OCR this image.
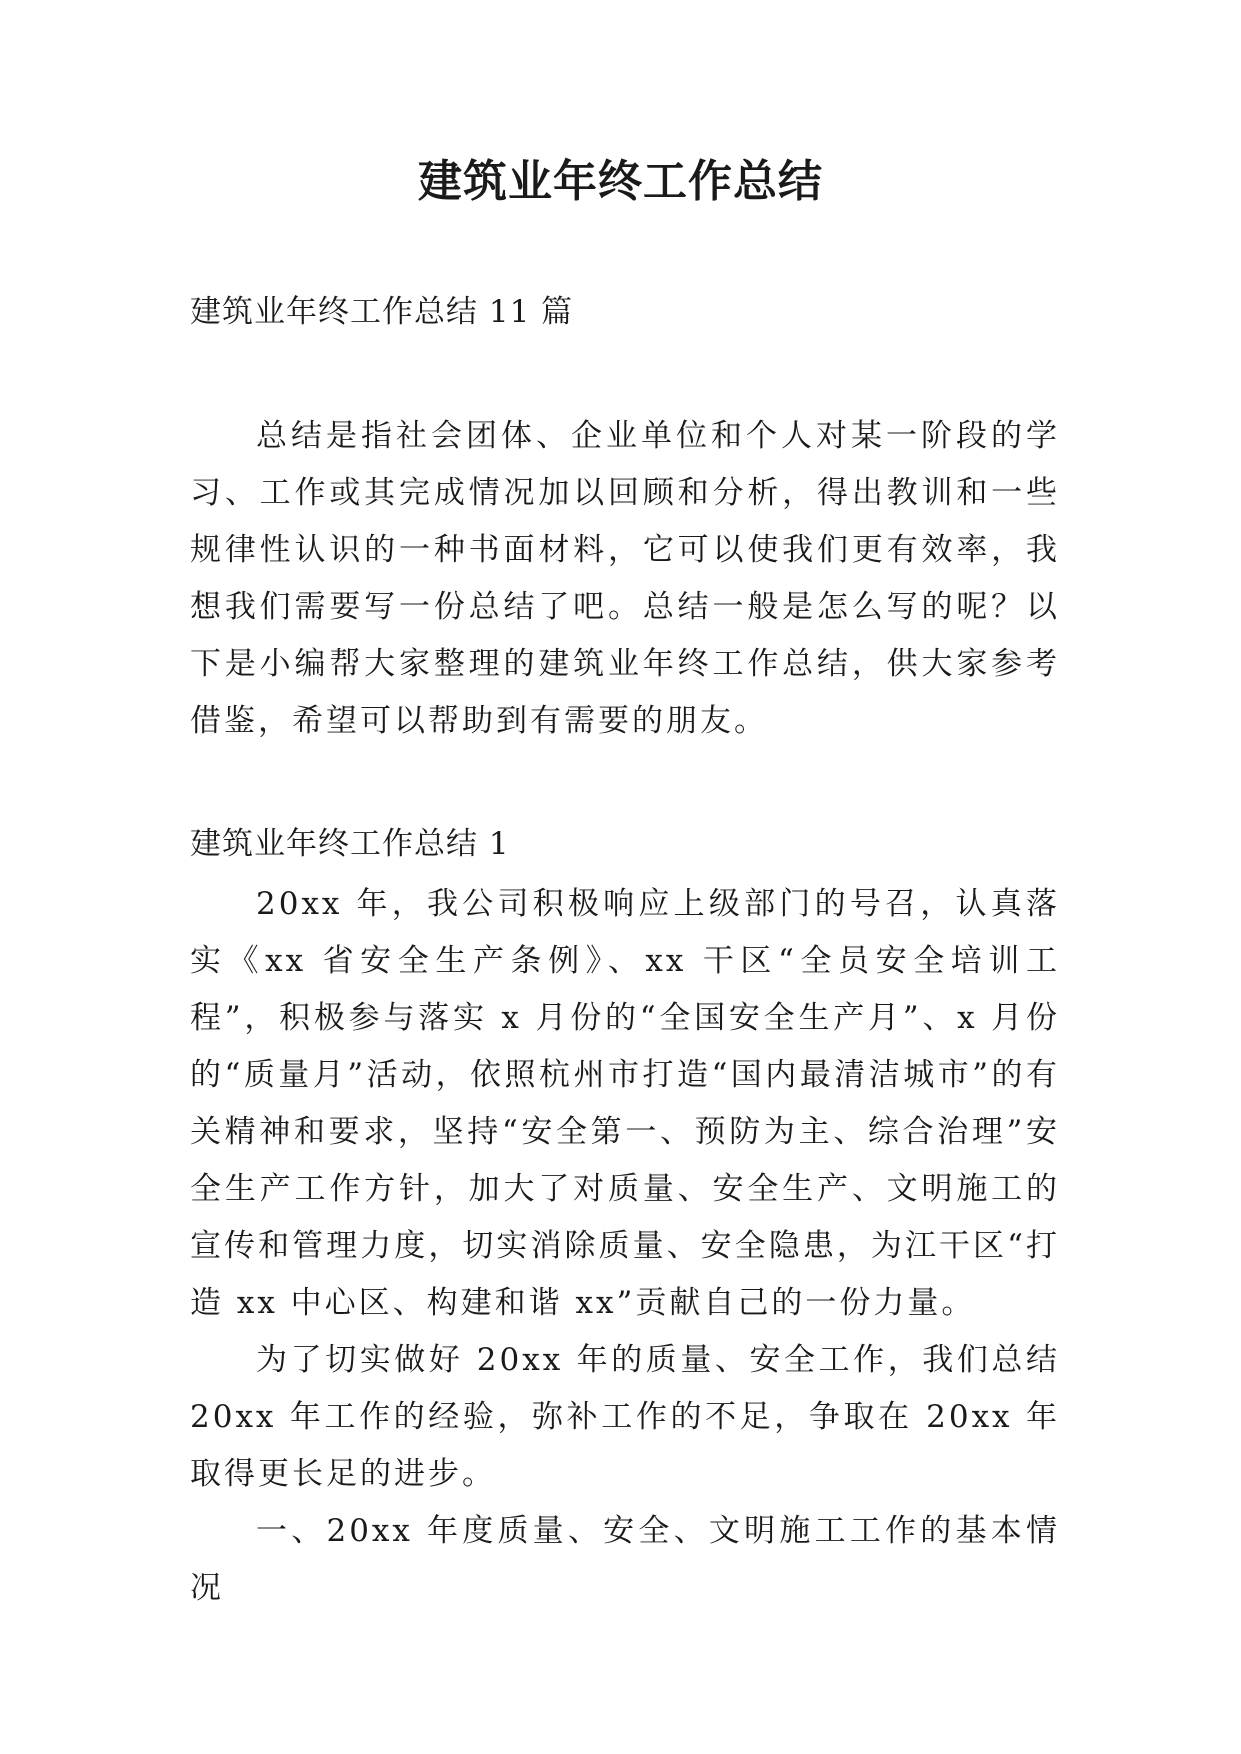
建筑业年终工作总结

建筑业年终工作总结 11 篇

总结是指社会团体、企业单位和个人对某一阶段的学习、工作或其完成情况加以回顾和分析，得出教训和一些规律性认识的一种书面材料，它可以使我们更有效率，我想我们需要写一份总结了吧。总结一般是怎么写的呢？以下是小编帮大家整理的建筑业年终工作总结，供大家参考借鉴，希望可以帮助到有需要的朋友。

建筑业年终工作总结 1

20xx 年，我公司积极响应上级部门的号召，认真落实《xx 省安全生产条例》、xx 干区“全员安全培训工程”，积极参与落实 x 月份的“全国安全生产月”、x 月份的“质量月”活动，依照杭州市打造“国内最清洁城市”的有关精神和要求，坚持“安全第一、预防为主、综合治理”安全生产工作方针，加大了对质量、安全生产、文明施工的宣传和管理力度，切实消除质量、安全隐患，为江干区“打造 xx 中心区、构建和谐 xx”贡献自己的一份力量。

为了切实做好 20xx 年的质量、安全工作，我们总结 20xx 年工作的经验，弥补工作的不足，争取在 20xx 年取得更长足的进步。

一、20xx 年度质量、安全、文明施工工作的基本情况
